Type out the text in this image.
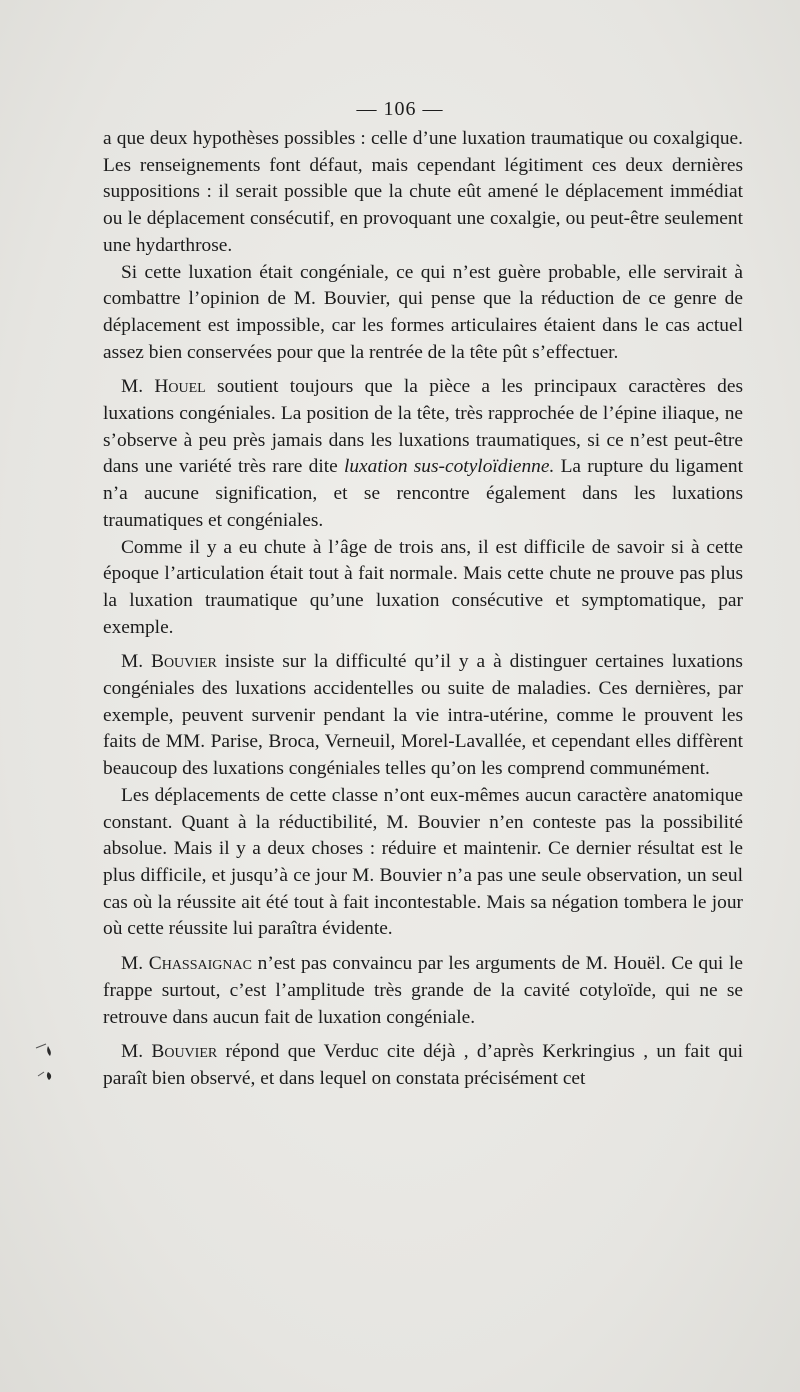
— 106 —

a que deux hypothèses possibles : celle d’une luxation traumatique ou coxalgique. Les renseignements font défaut, mais cependant légitiment ces deux dernières suppositions : il serait possible que la chute eût amené le déplacement immédiat ou le déplacement consécutif, en provoquant une coxalgie, ou peut-être seulement une hydarthrose.

Si cette luxation était congéniale, ce qui n’est guère probable, elle servirait à combattre l’opinion de M. Bouvier, qui pense que la réduction de ce genre de déplacement est impossible, car les formes articulaires étaient dans le cas actuel assez bien conservées pour que la rentrée de la tête pût s’effectuer.

M. Houel soutient toujours que la pièce a les principaux caractères des luxations congéniales. La position de la tête, très rapprochée de l’épine iliaque, ne s’observe à peu près jamais dans les luxations traumatiques, si ce n’est peut-être dans une variété très rare dite luxation sus-cotyloïdienne. La rupture du ligament n’a aucune signification, et se rencontre également dans les luxations traumatiques et congéniales.

Comme il y a eu chute à l’âge de trois ans, il est difficile de savoir si à cette époque l’articulation était tout à fait normale. Mais cette chute ne prouve pas plus la luxation traumatique qu’une luxation consécutive et symptomatique, par exemple.

M. Bouvier insiste sur la difficulté qu’il y a à distinguer certaines luxations congéniales des luxations accidentelles ou suite de maladies. Ces dernières, par exemple, peuvent survenir pendant la vie intra-utérine, comme le prouvent les faits de MM. Parise, Broca, Verneuil, Morel-Lavallée, et cependant elles diffèrent beaucoup des luxations congéniales telles qu’on les comprend communément.

Les déplacements de cette classe n’ont eux-mêmes aucun caractère anatomique constant. Quant à la réductibilité, M. Bouvier n’en conteste pas la possibilité absolue. Mais il y a deux choses : réduire et maintenir. Ce dernier résultat est le plus difficile, et jusqu’à ce jour M. Bouvier n’a pas une seule observation, un seul cas où la réussite ait été tout à fait incontestable. Mais sa négation tombera le jour où cette réussite lui paraîtra évidente.

M. Chassaignac n’est pas convaincu par les arguments de M. Houël. Ce qui le frappe surtout, c’est l’amplitude très grande de la cavité cotyloïde, qui ne se retrouve dans aucun fait de luxation congéniale.

M. Bouvier répond que Verduc cite déjà , d’après Kerkringius , un fait qui paraît bien observé, et dans lequel on constata précisément cet
